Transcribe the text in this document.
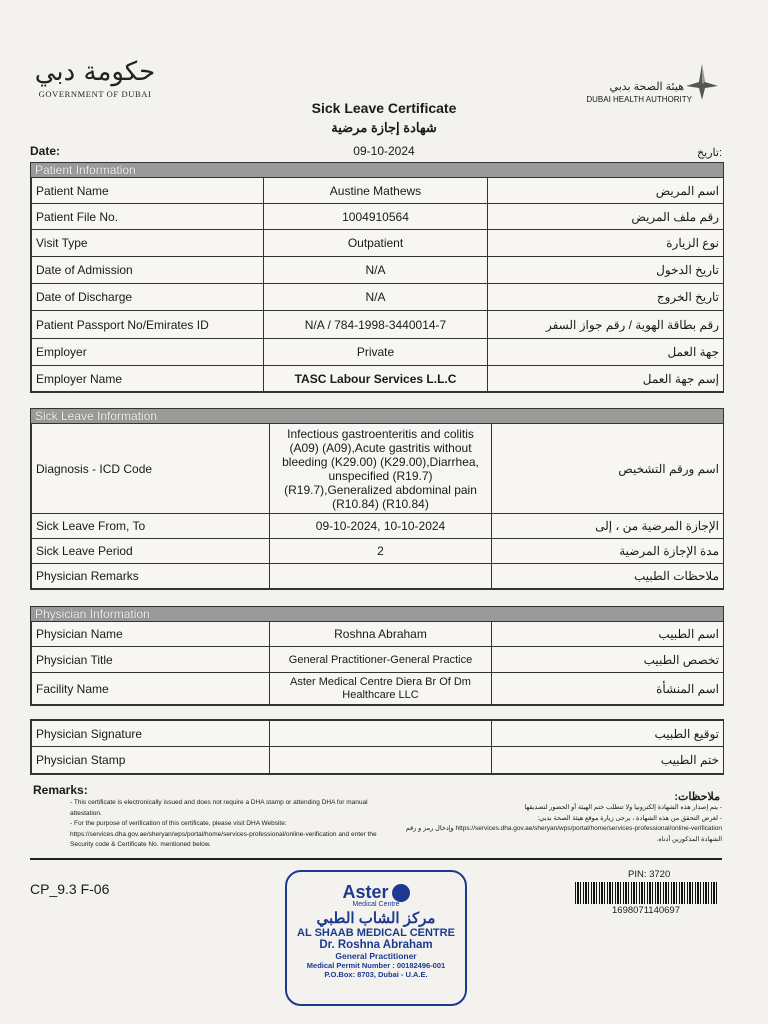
حكومة دبي
GOVERNMENT OF DUBAI
هيئة الصحة بدبي
DUBAI HEALTH AUTHORITY
Sick Leave Certificate
شهادة إجازة مرضية
Date:	09-10-2024	تاريخ:
Patient Information
Patient Name	Austine Mathews	اسم المريض
Patient File No.	1004910564	رقم ملف المريض
Visit Type	Outpatient	نوع الزيارة
Date of Admission	N/A	تاريخ الدخول
Date of Discharge	N/A	تاريخ الخروج
Patient Passport No/Emirates ID	N/A / 784-1998-3440014-7	رقم بطاقة الهوية / رقم جواز السفر
Employer	Private	جهة العمل
Employer Name	TASC Labour Services L.L.C	إسم جهة العمل
Sick Leave Information
Diagnosis - ICD Code	Infectious gastroenteritis and colitis (A09) (A09),Acute gastritis without bleeding (K29.00) (K29.00),Diarrhea, unspecified (R19.7) (R19.7),Generalized abdominal pain (R10.84) (R10.84)	اسم ورقم التشخيص
Sick Leave From, To	09-10-2024, 10-10-2024	الإجازة المرضية من ، إلى
Sick Leave Period	2	مدة الإجازة المرضية
Physician Remarks		ملاحظات الطبيب
Physician Information
Physician Name	Roshna Abraham	اسم الطبيب
Physician Title	General Practitioner-General Practice	تخصص الطبيب
Facility Name	Aster Medical Centre Diera Br Of Dm Healthcare LLC	اسم المنشأة
Physician Signature		توقيع الطبيب
Physician Stamp		ختم الطبيب
Remarks:
- This certificate is electronically issued and does not require a DHA stamp or attending DHA for manual attestation.
- For the purpose of verification of this certificate, please visit DHA Website: https://services.dha.gov.ae/sheryan/wps/portal/home/services-professional/online-verification and enter the Security code & Certificate No. mentioned below.
ملاحظات:
- يتم إصدار هذه الشهادة إلكترونيا ولا تتطلب ختم الهيئة أو الحضور لتصديقها
- لغرض التحقق من هذه الشهادة ، يرجى زيارة موقع هيئة الصحة بدبي: https://services.dha.gov.ae/sheryan/wps/portal/home/services-professional/online-verification وإدخال رمز و رقم الشهادة المذكورين أدناه.
CP_9.3 F-06	Aster
Medical Centre
مركز الشاب الطبي
AL SHAAB MEDICAL CENTRE
Dr. Roshna Abraham
General Practitioner
Medical Permit Number : 00182496-001
P.O.Box: 8703, Dubai - U.A.E.
PIN: 3720
1698071140697
